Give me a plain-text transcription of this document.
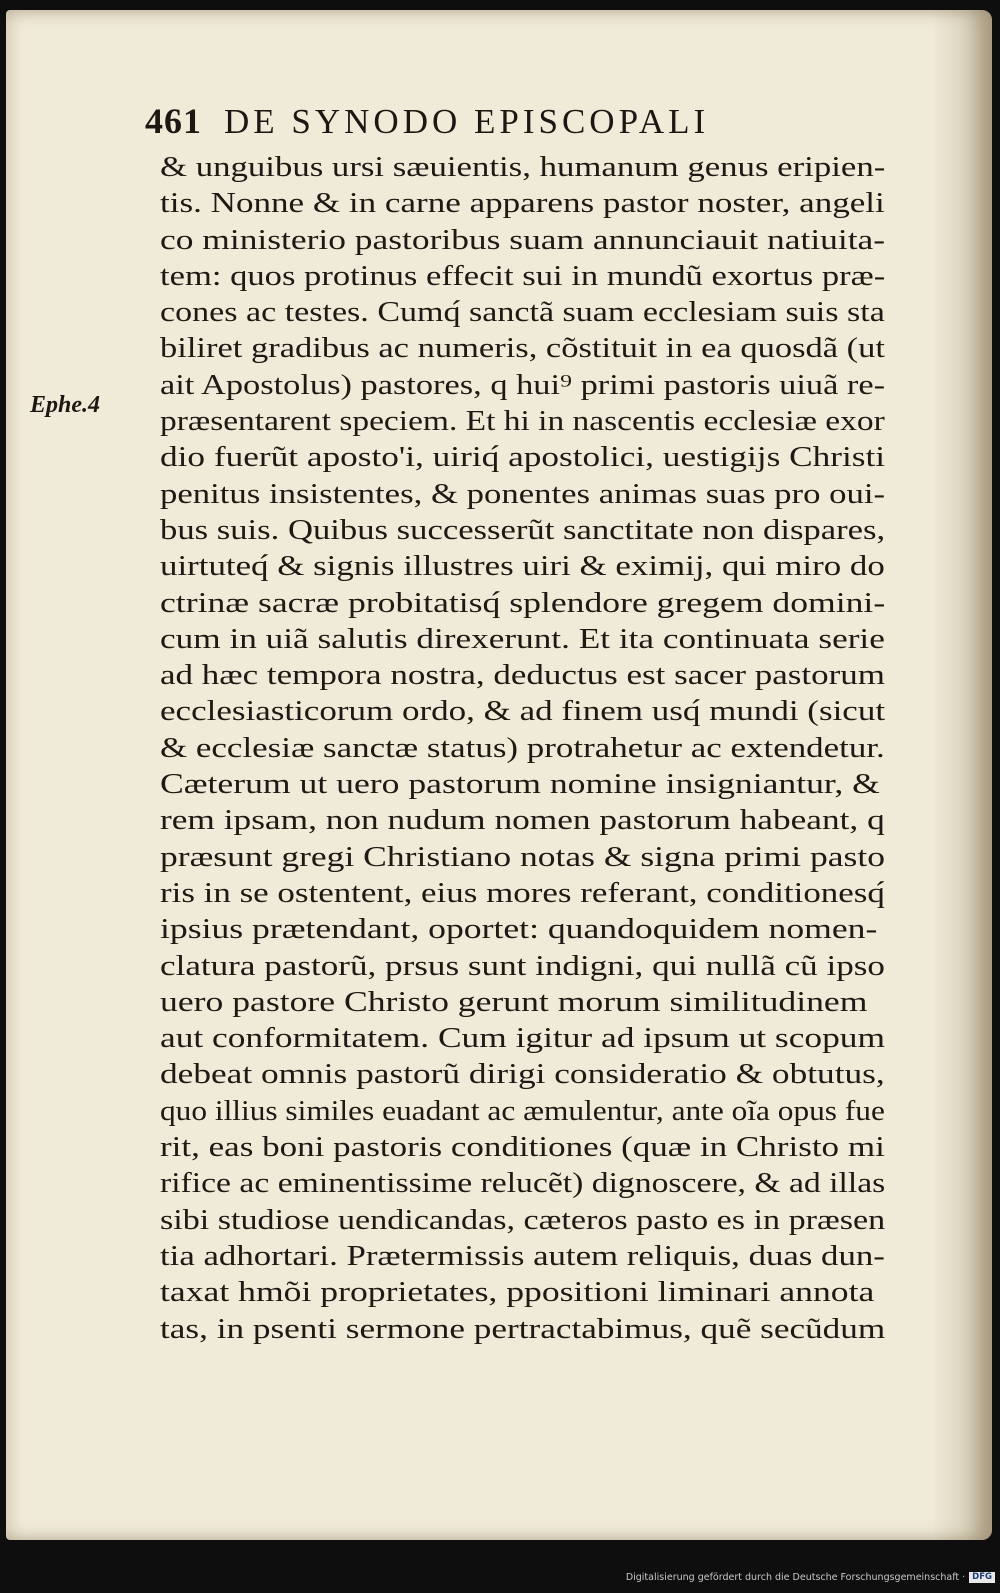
461 DE SYNODO EPISCOPALI
Ephe.4
& unguibus ursi sæuientis, humanum genus eripien-
tis. Nonne & in carne apparens pastor noster, angeli
co ministerio pastoribus suam annunciauit natiuita-
tem: quos protinus effecit sui in mundũ exortus præ-
cones ac testes. Cumq́ sanctã suam ecclesiam suis sta
biliret gradibus ac numeris, cõstituit in ea quosdã (ut
ait Apostolus) pastores, q hui⁹ primi pastoris uiuã re-
præsentarent speciem. Et hi in nascentis ecclesiæ exor
dio fuerũt aposto'i, uiriq́ apostolici, uestigijs Christi
penitus insistentes, & ponentes animas suas pro oui-
bus suis. Quibus successerũt sanctitate non dispares,
uirtuteq́ & signis illustres uiri & eximij, qui miro do
ctrinæ sacræ probitatisq́ splendore gregem domini-
cum in uiã salutis direxerunt. Et ita continuata serie
ad hæc tempora nostra, deductus est sacer pastorum
ecclesiasticorum ordo, & ad finem usq́ mundi (sicut
& ecclesiæ sanctæ status) protrahetur ac extendetur.
Cæterum ut uero pastorum nomine insigniantur, &
rem ipsam, non nudum nomen pastorum habeant, q
præsunt gregi Christiano notas & signa primi pasto
ris in se ostentent, eius mores referant, conditionesq́
ipsius prætendant, oportet: quandoquidem nomen-
clatura pastorũ, prsus sunt indigni, qui nullã cũ ipso
uero pastore Christo gerunt morum similitudinem
aut conformitatem. Cum igitur ad ipsum ut scopum
debeat omnis pastorũ dirigi consideratio & obtutus,
quo illius similes euadant ac æmulentur, ante oĩa opus fue
rit, eas boni pastoris conditiones (quæ in Christo mi
rifice ac eminentissime relucẽt) dignoscere, & ad illas
sibi studiose uendicandas, cæteros pasto es in præsen
tia adhortari. Prætermissis autem reliquis, duas dun-
taxat hmõi proprietates, ppositioni liminari annota
tas, in psenti sermone pertractabimus, quẽ secũdum
Digitalisierung gefördert durch die Deutsche Forschungsgemeinschaft · DFG
